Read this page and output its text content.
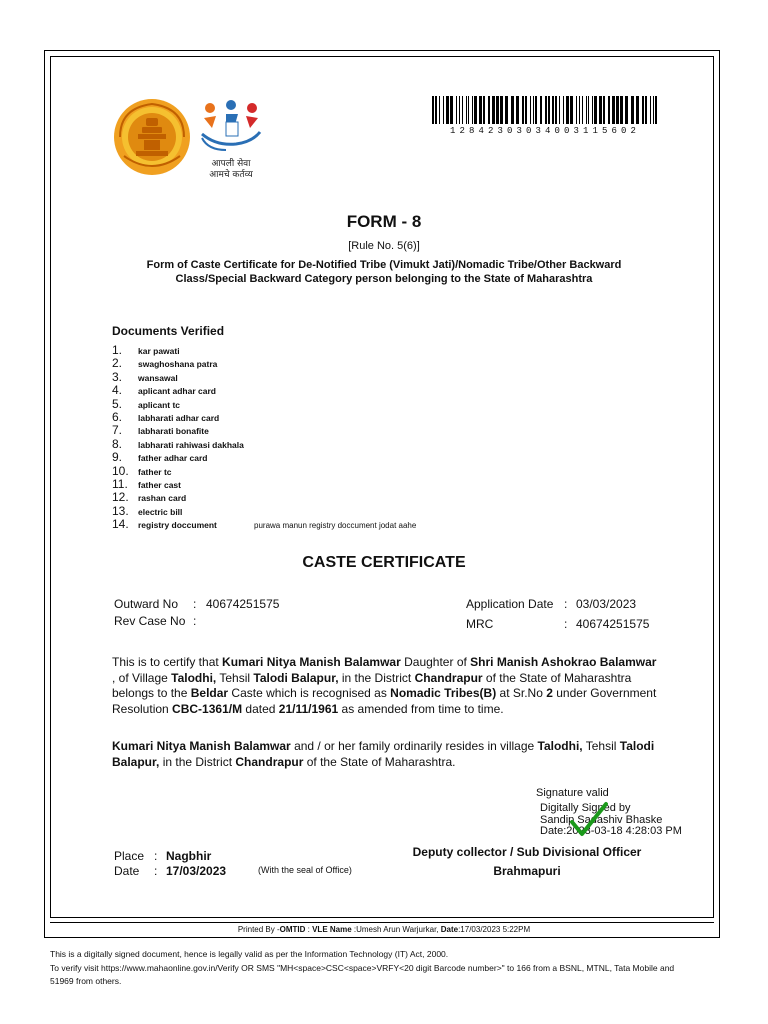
आपली सेवा
आमचे कर्तव्य
12842303034003115602
FORM - 8
[Rule No. 5(6)]
Form of Caste Certificate for De-Notified Tribe (Vimukt Jati)/Nomadic Tribe/Other Backward
Class/Special Backward Category person belonging to the State of Maharashtra
Documents Verified
1.	kar pawati
2.	swaghoshana patra
3.	wansawal
4.	aplicant adhar card
5.	aplicant tc
6.	labharati adhar card
7.	labharati bonafite
8.	labharati rahiwasi dakhala
9.	father adhar card
10.	father tc
11.	father cast
12.	rashan card
13.	electric bill
14.	registry doccument	purawa manun registry doccument jodat aahe
CASTE CERTIFICATE
Outward No : 40674251575
Rev Case No :
Application Date : 03/03/2023
MRC	: 40674251575
This is to certify that Kumari Nitya Manish Balamwar Daughter of Shri Manish Ashokrao Balamwar , of Village Talodhi, Tehsil Talodi Balapur, in the District Chandrapur of the State of Maharashtra belongs to the Beldar Caste which is recognised as Nomadic Tribes(B) at Sr.No 2 under Government Resolution CBC-1361/M dated 21/11/1961 as amended from time to time.
Kumari Nitya Manish Balamwar and / or her family ordinarily resides in village Talodhi, Tehsil Talodi Balapur, in the District Chandrapur of the State of Maharashtra.
Signature valid
Digitally Signed by
Sandip Sadashiv Bhaske
Date:2023-03-18 4:28:03 PM
Place : Nagbhir
Date : 17/03/2023	(With the seal of Office)
Deputy collector / Sub Divisional Officer
Brahmapuri
Printed By -OMTID : VLE Name :Umesh Arun Warjurkar, Date:17/03/2023 5:22PM
This is a digitally signed document, hence is legally valid as per the Information Technology (IT) Act, 2000.
To verify visit https://www.mahaonline.gov.in/Verify OR SMS "MH<space>CSC<space>VRFY<20 digit Barcode number>" to 166 from a BSNL, MTNL, Tata Mobile and
51969 from others.
